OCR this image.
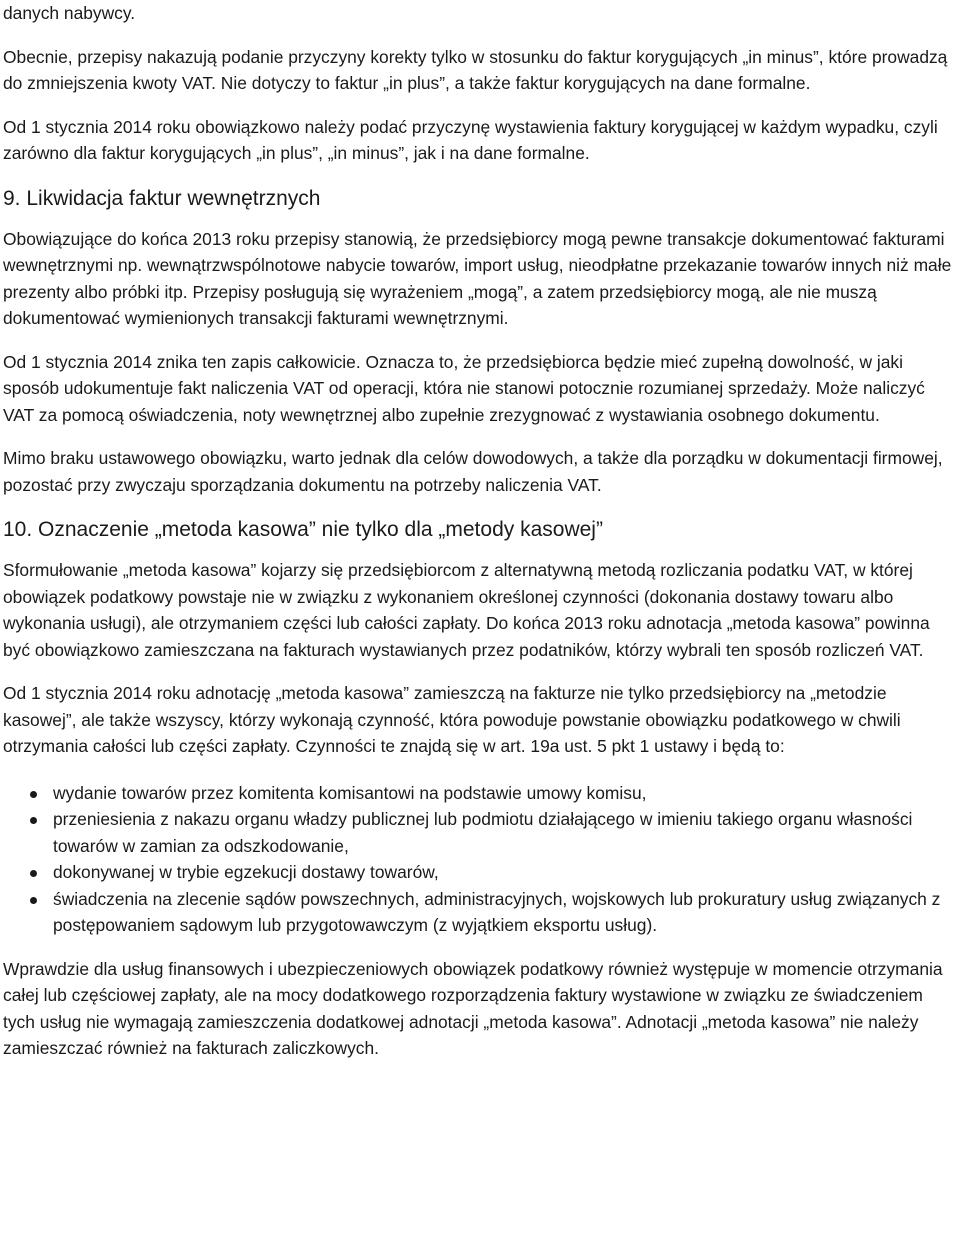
danych nabywcy.

Obecnie, przepisy nakazują podanie przyczyny korekty tylko w stosunku do faktur korygujących „in minus”, które prowadzą do zmniejszenia kwoty VAT. Nie dotyczy to faktur „in plus”, a także faktur korygujących na dane formalne.

Od 1 stycznia 2014 roku obowiązkowo należy podać przyczynę wystawienia faktury korygującej w każdym wypadku, czyli zarówno dla faktur korygujących „in plus”, „in minus”, jak i na dane formalne.

9. Likwidacja faktur wewnętrznych

Obowiązujące do końca 2013 roku przepisy stanowią, że przedsiębiorcy mogą pewne transakcje dokumentować fakturami wewnętrznymi np. wewnątrzwspólnotowe nabycie towarów, import usług, nieodpłatne przekazanie towarów innych niż małe prezenty albo próbki itp. Przepisy posługują się wyrażeniem „mogą”, a zatem przedsiębiorcy mogą, ale nie muszą dokumentować wymienionych transakcji fakturami wewnętrznymi.

Od 1 stycznia 2014 znika ten zapis całkowicie. Oznacza to, że przedsiębiorca będzie mieć zupełną dowolność, w jaki sposób udokumentuje fakt naliczenia VAT od operacji, która nie stanowi potocznie rozumianej sprzedaży. Może naliczyć VAT za pomocą oświadczenia, noty wewnętrznej albo zupełnie zrezygnować z wystawiania osobnego dokumentu.

Mimo braku ustawowego obowiązku, warto jednak dla celów dowodowych, a także dla porządku w dokumentacji firmowej, pozostać przy zwyczaju sporządzania dokumentu na potrzeby naliczenia VAT.

10. Oznaczenie „metoda kasowa” nie tylko dla „metody kasowej”

Sformułowanie „metoda kasowa” kojarzy się przedsiębiorcom z alternatywną metodą rozliczania podatku VAT, w której obowiązek podatkowy powstaje nie w związku z wykonaniem określonej czynności (dokonania dostawy towaru albo wykonania usługi), ale otrzymaniem części lub całości zapłaty. Do końca 2013 roku adnotacja „metoda kasowa” powinna być obowiązkowo zamieszczana na fakturach wystawianych przez podatników, którzy wybrali ten sposób rozliczeń VAT.

Od 1 stycznia 2014 roku adnotację „metoda kasowa” zamieszczą na fakturze nie tylko przedsiębiorcy na „metodzie kasowej”, ale także wszyscy, którzy wykonają czynność, która powoduje powstanie obowiązku podatkowego w chwili otrzymania całości lub części zapłaty. Czynności te znajdą się w art. 19a ust. 5 pkt 1 ustawy i będą to:

wydanie towarów przez komitenta komisantowi na podstawie umowy komisu,
przeniesienia z nakazu organu władzy publicznej lub podmiotu działającego w imieniu takiego organu własności towarów w zamian za odszkodowanie,
dokonywanej w trybie egzekucji dostawy towarów,
świadczenia na zlecenie sądów powszechnych, administracyjnych, wojskowych lub prokuratury usług związanych z postępowaniem sądowym lub przygotowawczym (z wyjątkiem eksportu usług).

Wprawdzie dla usług finansowych i ubezpieczeniowych obowiązek podatkowy również występuje w momencie otrzymania całej lub częściowej zapłaty, ale na mocy dodatkowego rozporządzenia faktury wystawione w związku ze świadczeniem tych usług nie wymagają zamieszczenia dodatkowej adnotacji „metoda kasowa”. Adnotacji „metoda kasowa” nie należy zamieszczać również na fakturach zaliczkowych.
